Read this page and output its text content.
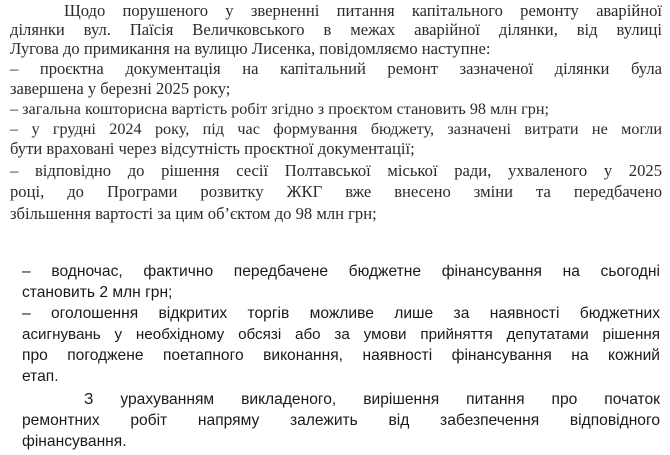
Щодо порушеного у зверненні питання капітального ремонту аварійної
ділянки вул. Паїсія Величковського в межах аварійної ділянки, від вулиці
Лугова до примикання на вулицю Лисенка, повідомляємо наступне:
– проєктна документація на капітальний ремонт зазначеної ділянки була
завершена у березні 2025 року;
– загальна кошторисна вартість робіт згідно з проєктом становить 98 млн грн;
– у грудні 2024 року, під час формування бюджету, зазначені витрати не могли
бути враховані через відсутність проєктної документації;
– відповідно до рішення сесії Полтавської міської ради, ухваленого у 2025
році, до Програми розвитку ЖКГ вже внесено зміни та передбачено
збільшення вартості за цим об’єктом до 98 млн грн;
– водночас, фактично передбачене бюджетне фінансування на сьогодні
становить 2 млн грн;
– оголошення відкритих торгів можливе лише за наявності бюджетних
асигнувань у необхідному обсязі або за умови прийняття депутатами рішення
про погоджене поетапного виконання, наявності фінансування на кожний
етап.
З урахуванням викладеного, вирішення питання про початок
ремонтних робіт напряму залежить від забезпечення відповідного
фінансування.
